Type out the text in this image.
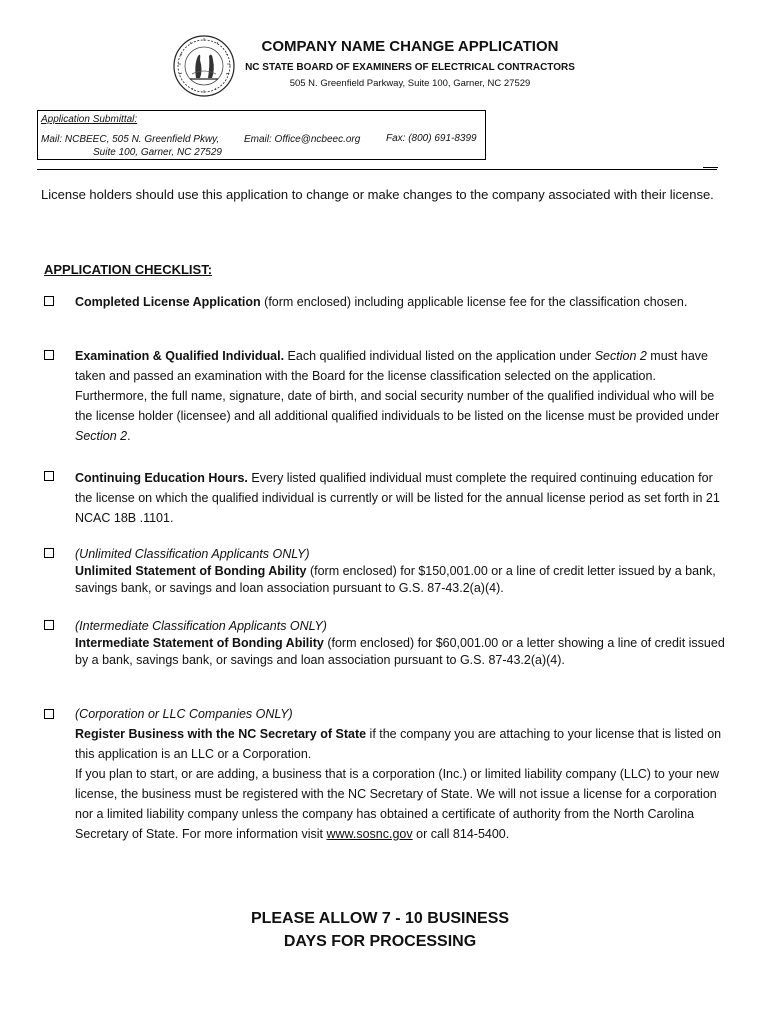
COMPANY NAME CHANGE APPLICATION
NC STATE BOARD OF EXAMINERS OF ELECTRICAL CONTRACTORS
505 N. Greenfield Parkway, Suite 100, Garner, NC 27529
Application Submittal:
Mail: NCBEEC, 505 N. Greenfield Pkwy,
Suite 100, Garner, NC 27529
Email: Office@ncbeec.org	Fax: (800) 691-8399
License holders should use this application to change or make changes to the company associated with their license.
APPLICATION CHECKLIST:
Completed License Application (form enclosed) including applicable license fee for the classification chosen.
Examination & Qualified Individual. Each qualified individual listed on the application under Section 2 must have taken and passed an examination with the Board for the license classification selected on the application. Furthermore, the full name, signature, date of birth, and social security number of the qualified individual who will be the license holder (licensee) and all additional qualified individuals to be listed on the license must be provided under Section 2.
Continuing Education Hours. Every listed qualified individual must complete the required continuing education for the license on which the qualified individual is currently or will be listed for the annual license period as set forth in 21 NCAC 18B .1101.
(Unlimited Classification Applicants ONLY)
Unlimited Statement of Bonding Ability (form enclosed) for $150,001.00 or a line of credit letter issued by a bank, savings bank, or savings and loan association pursuant to G.S. 87-43.2(a)(4).
(Intermediate Classification Applicants ONLY)
Intermediate Statement of Bonding Ability (form enclosed) for $60,001.00 or a letter showing a line of credit issued by a bank, savings bank, or savings and loan association pursuant to G.S. 87-43.2(a)(4).
(Corporation or LLC Companies ONLY)
Register Business with the NC Secretary of State if the company you are attaching to your license that is listed on this application is an LLC or a Corporation.
If you plan to start, or are adding, a business that is a corporation (Inc.) or limited liability company (LLC) to your new license, the business must be registered with the NC Secretary of State. We will not issue a license for a corporation nor a limited liability company unless the company has obtained a certificate of authority from the North Carolina Secretary of State. For more information visit www.sosnc.gov or call 814-5400.
PLEASE ALLOW 7 - 10 BUSINESS
DAYS FOR PROCESSING
